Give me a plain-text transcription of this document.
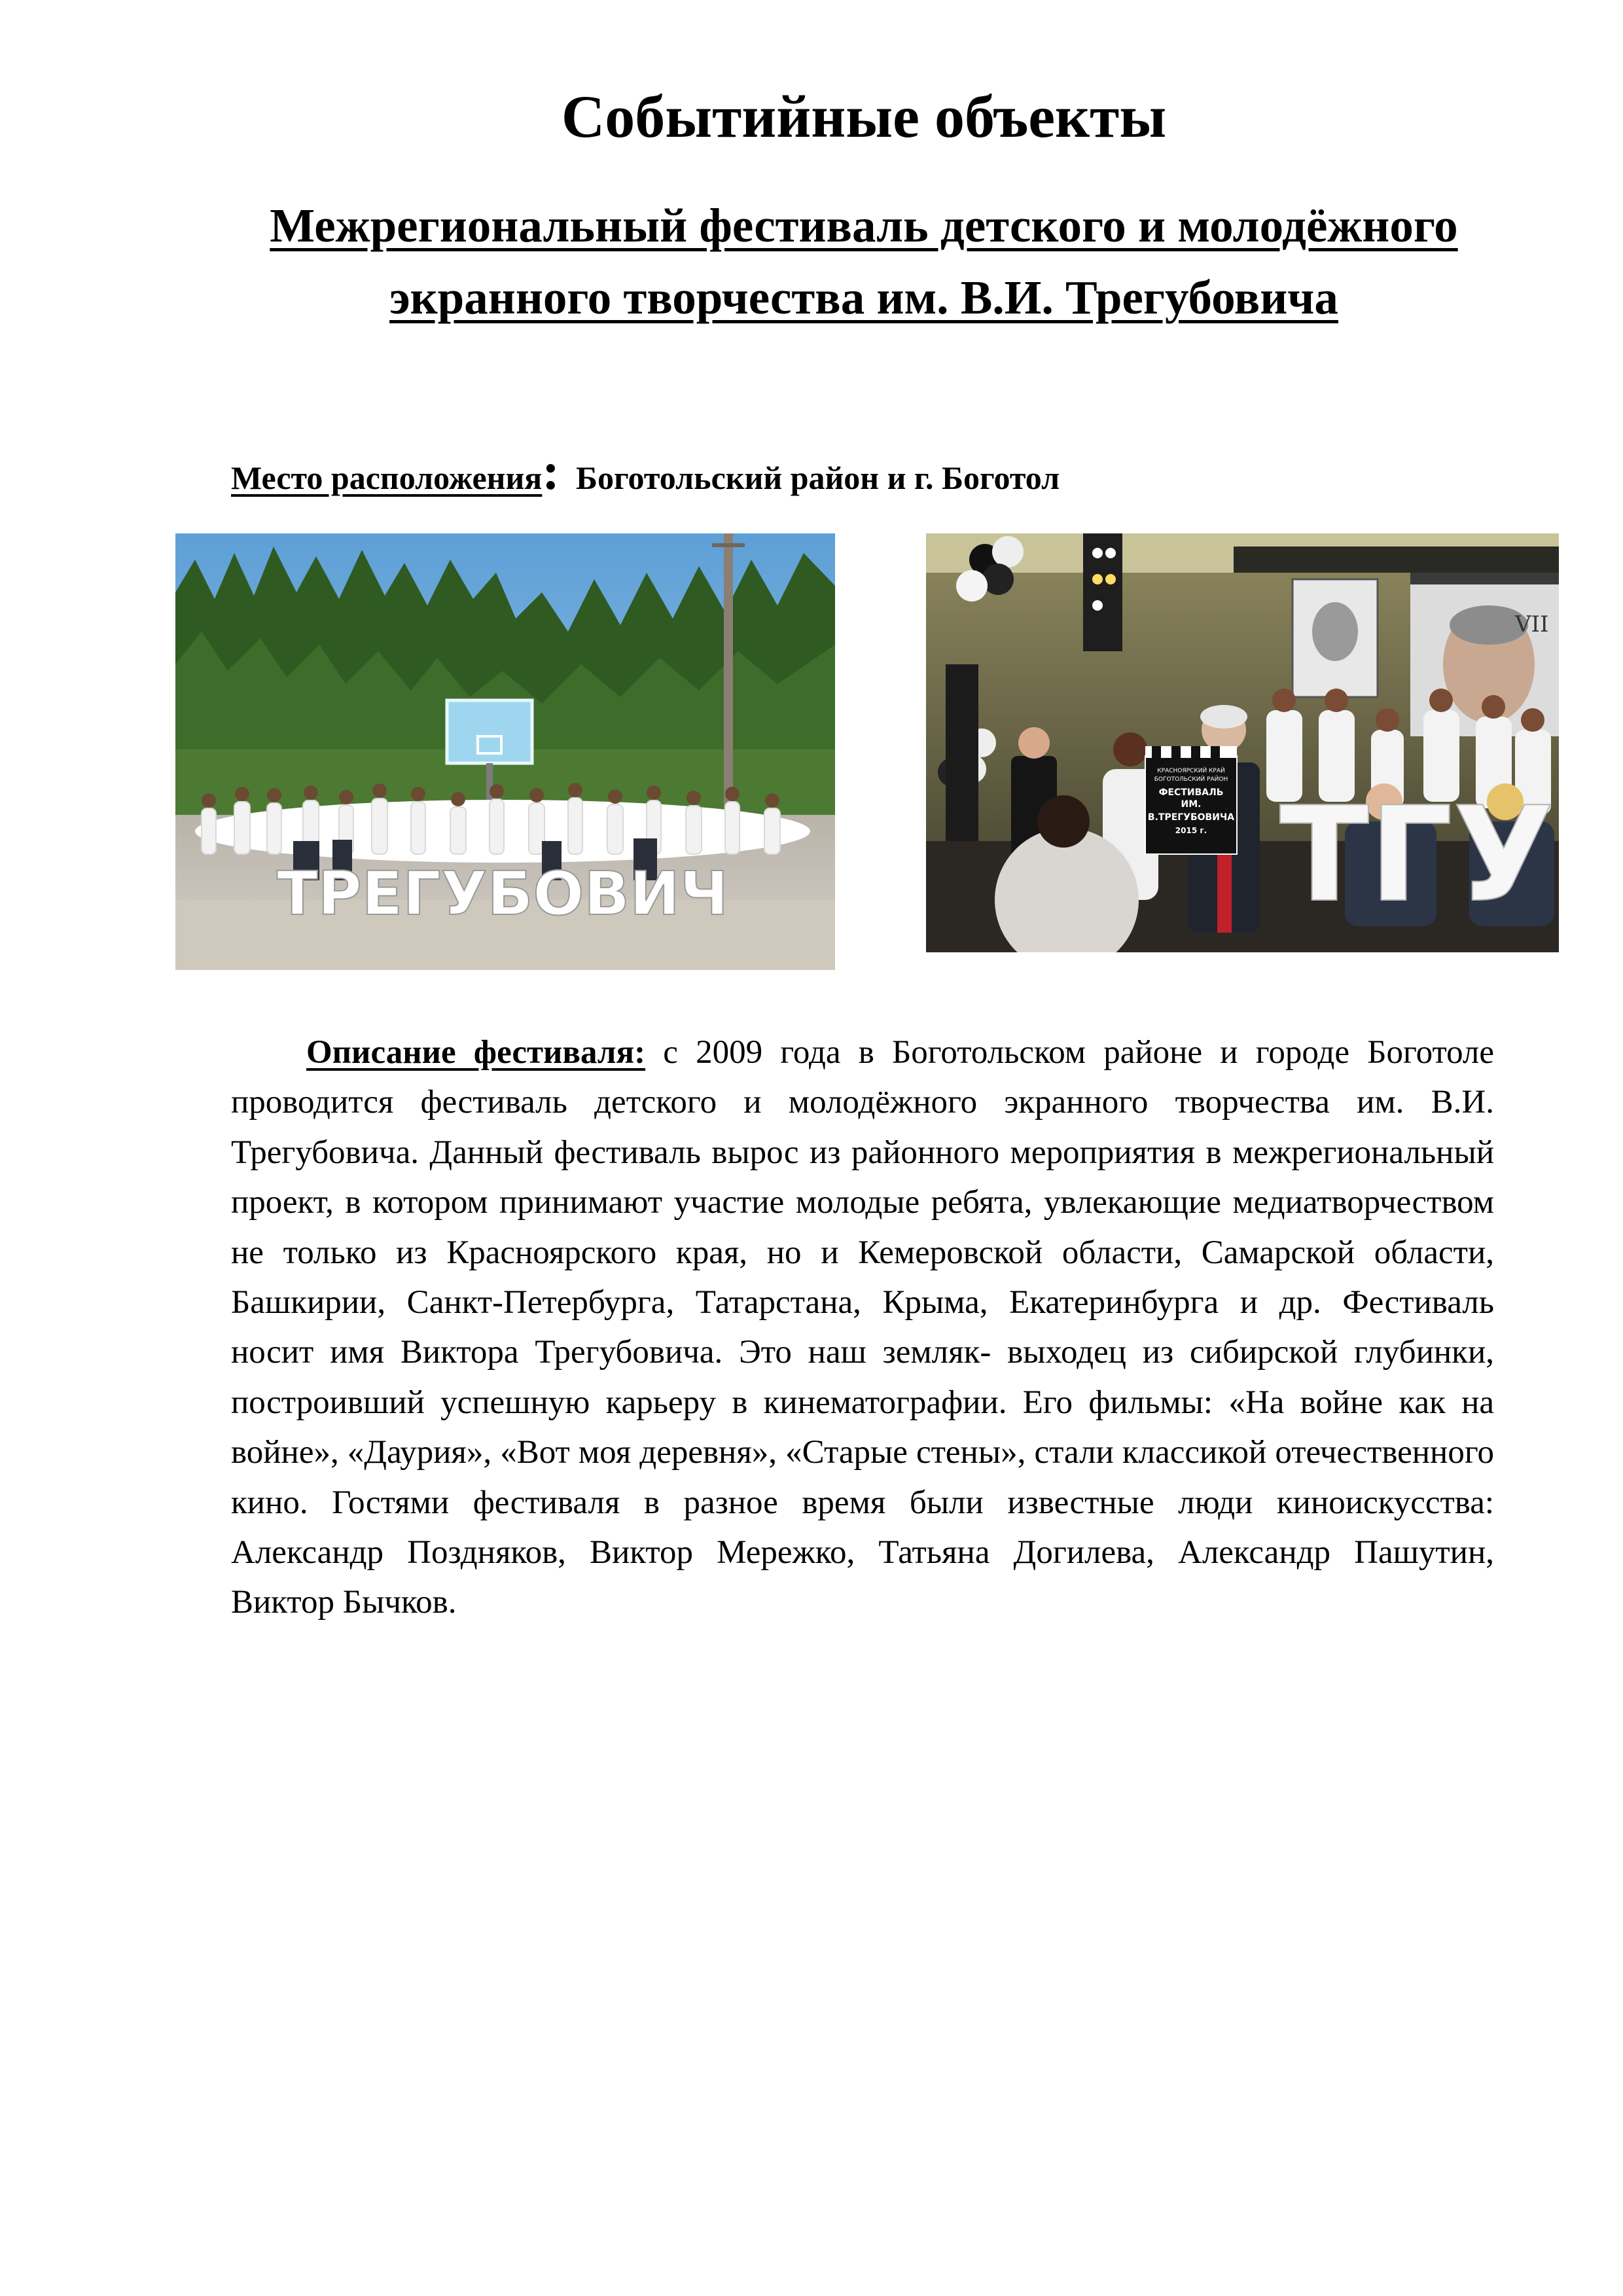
Событийные объекты
Межрегиональный фестиваль детского и молодёжного экранного творчества им. В.И. Трегубовича
Место расположения: Боготольский район и г. Боготол
ТРЕГУБОВИЧ
VII
КРАСНОЯРСКИЙ КРАЙ
БОГОТОЛЬСКИЙ РАЙОН
ФЕСТИВАЛЬ
ИМ.
В.ТРЕГУБОВИЧА
2015 г. ТГУ

Описание фестиваля: с 2009 года в Боготольском районе и городе Боготоле проводится фестиваль детского и молодёжного экранного творчества им. В.И. Трегубовича. Данный фестиваль вырос из районного мероприятия в межрегиональный проект, в котором принимают участие молодые ребята, увлекающие медиатворчеством не только из Красноярского края, но и Кемеровской области, Самарской области, Башкирии, Санкт-Петербурга, Татарстана, Крыма, Екатеринбурга и др. Фестиваль носит имя Виктора Трегубовича. Это наш земляк- выходец из сибирской глубинки, построивший успешную карьеру в кинематографии. Его фильмы: «На войне как на войне», «Даурия», «Вот моя деревня», «Старые стены», стали классикой отечественного кино. Гостями фестиваля в разное время были известные люди киноискусства: Александр Поздняков, Виктор Мережко, Татьяна Догилева, Александр Пашутин, Виктор Бычков.
